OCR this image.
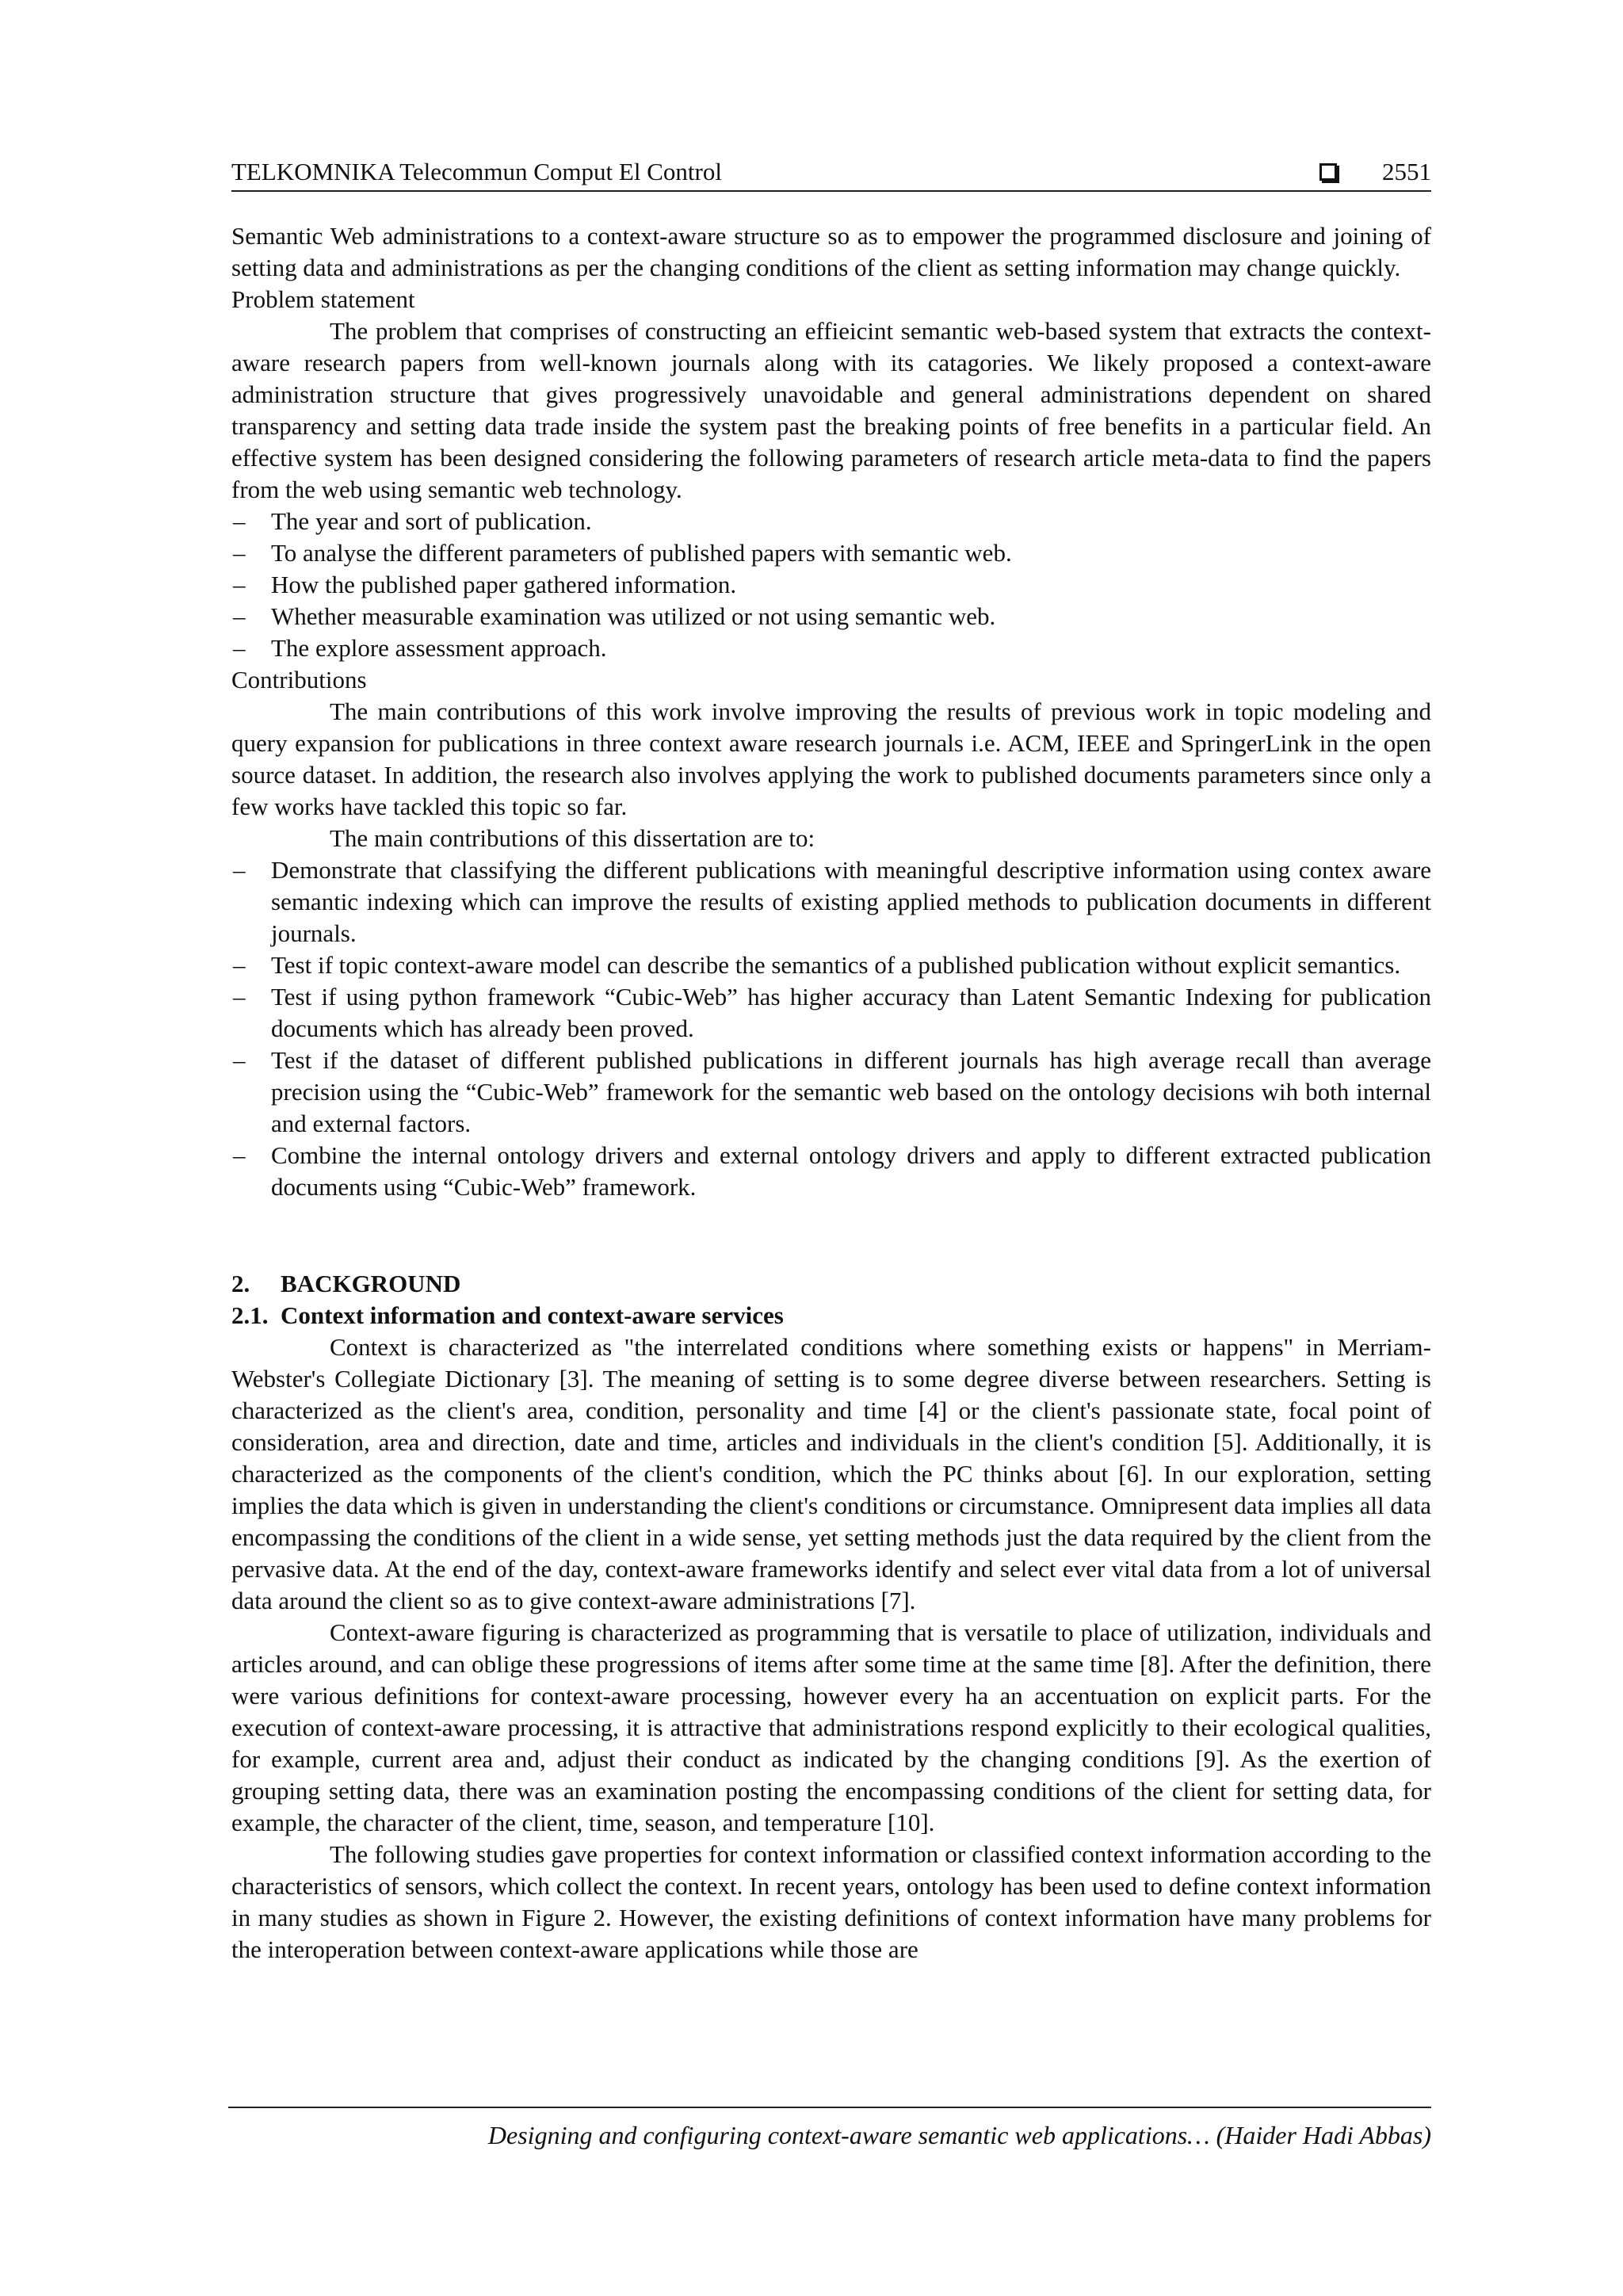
TELKOMNIKA Telecommun Comput El Control	2551

Semantic Web administrations to a context-aware structure so as to empower the programmed disclosure and joining of setting data and administrations as per the changing conditions of the client as setting information may change quickly.

Problem statement

The problem that comprises of constructing an effieicint semantic web-based system that extracts the context-aware research papers from well-known journals along with its catagories. We likely proposed a context-aware administration structure that gives progressively unavoidable and general administrations dependent on shared transparency and setting data trade inside the system past the breaking points of free benefits in a particular field. An effective system has been designed considering the following parameters of research article meta-data to find the papers from the web using semantic web technology.

– The year and sort of publication.
– To analyse the different parameters of published papers with semantic web.
– How the published paper gathered information.
– Whether measurable examination was utilized or not using semantic web.
– The explore assessment approach.

Contributions

The main contributions of this work involve improving the results of previous work in topic modeling and query expansion for publications in three context aware research journals i.e. ACM, IEEE and SpringerLink in the open source dataset. In addition, the research also involves applying the work to published documents parameters since only a few works have tackled this topic so far.

The main contributions of this dissertation are to:

– Demonstrate that classifying the different publications with meaningful descriptive information using contex aware semantic indexing which can improve the results of existing applied methods to publication documents in different journals.
– Test if topic context-aware model can describe the semantics of a published publication without explicit semantics.
– Test if using python framework “Cubic-Web” has higher accuracy than Latent Semantic Indexing for publication documents which has already been proved.
– Test if the dataset of different published publications in different journals has high average recall than average precision using the “Cubic-Web” framework for the semantic web based on the ontology decisions wih both internal and external factors.
– Combine the internal ontology drivers and external ontology drivers and apply to different extracted publication documents using “Cubic-Web” framework.

2.     BACKGROUND

2.1.  Context information and context-aware services

Context is characterized as "the interrelated conditions where something exists or happens" in Merriam-Webster's Collegiate Dictionary [3]. The meaning of setting is to some degree diverse between researchers. Setting is characterized as the client's area, condition, personality and time [4] or the client's passionate state, focal point of consideration, area and direction, date and time, articles and individuals in the client's condition [5]. Additionally, it is characterized as the components of the client's condition, which the PC thinks about [6]. In our exploration, setting implies the data which is given in understanding the client's conditions or circumstance. Omnipresent data implies all data encompassing the conditions of the client in a wide sense, yet setting methods just the data required by the client from the pervasive data. At the end of the day, context-aware frameworks identify and select ever vital data from a lot of universal data around the client so as to give context-aware administrations [7].

Context-aware figuring is characterized as programming that is versatile to place of utilization, individuals and articles around, and can oblige these progressions of items after some time at the same time [8]. After the definition, there were various definitions for context-aware processing, however every ha an accentuation on explicit parts. For the execution of context-aware processing, it is attractive that administrations respond explicitly to their ecological qualities, for example, current area and, adjust their conduct as indicated by the changing conditions [9]. As the exertion of grouping setting data, there was an examination posting the encompassing conditions of the client for setting data, for example, the character of the client, time, season, and temperature [10].

The following studies gave properties for context information or classified context information according to the characteristics of sensors, which collect the context. In recent years, ontology has been used to define context information in many studies as shown in Figure 2. However, the existing definitions of context information have many problems for the interoperation between context-aware applications while those are

Designing and configuring context-aware semantic web applications… (Haider Hadi Abbas)
